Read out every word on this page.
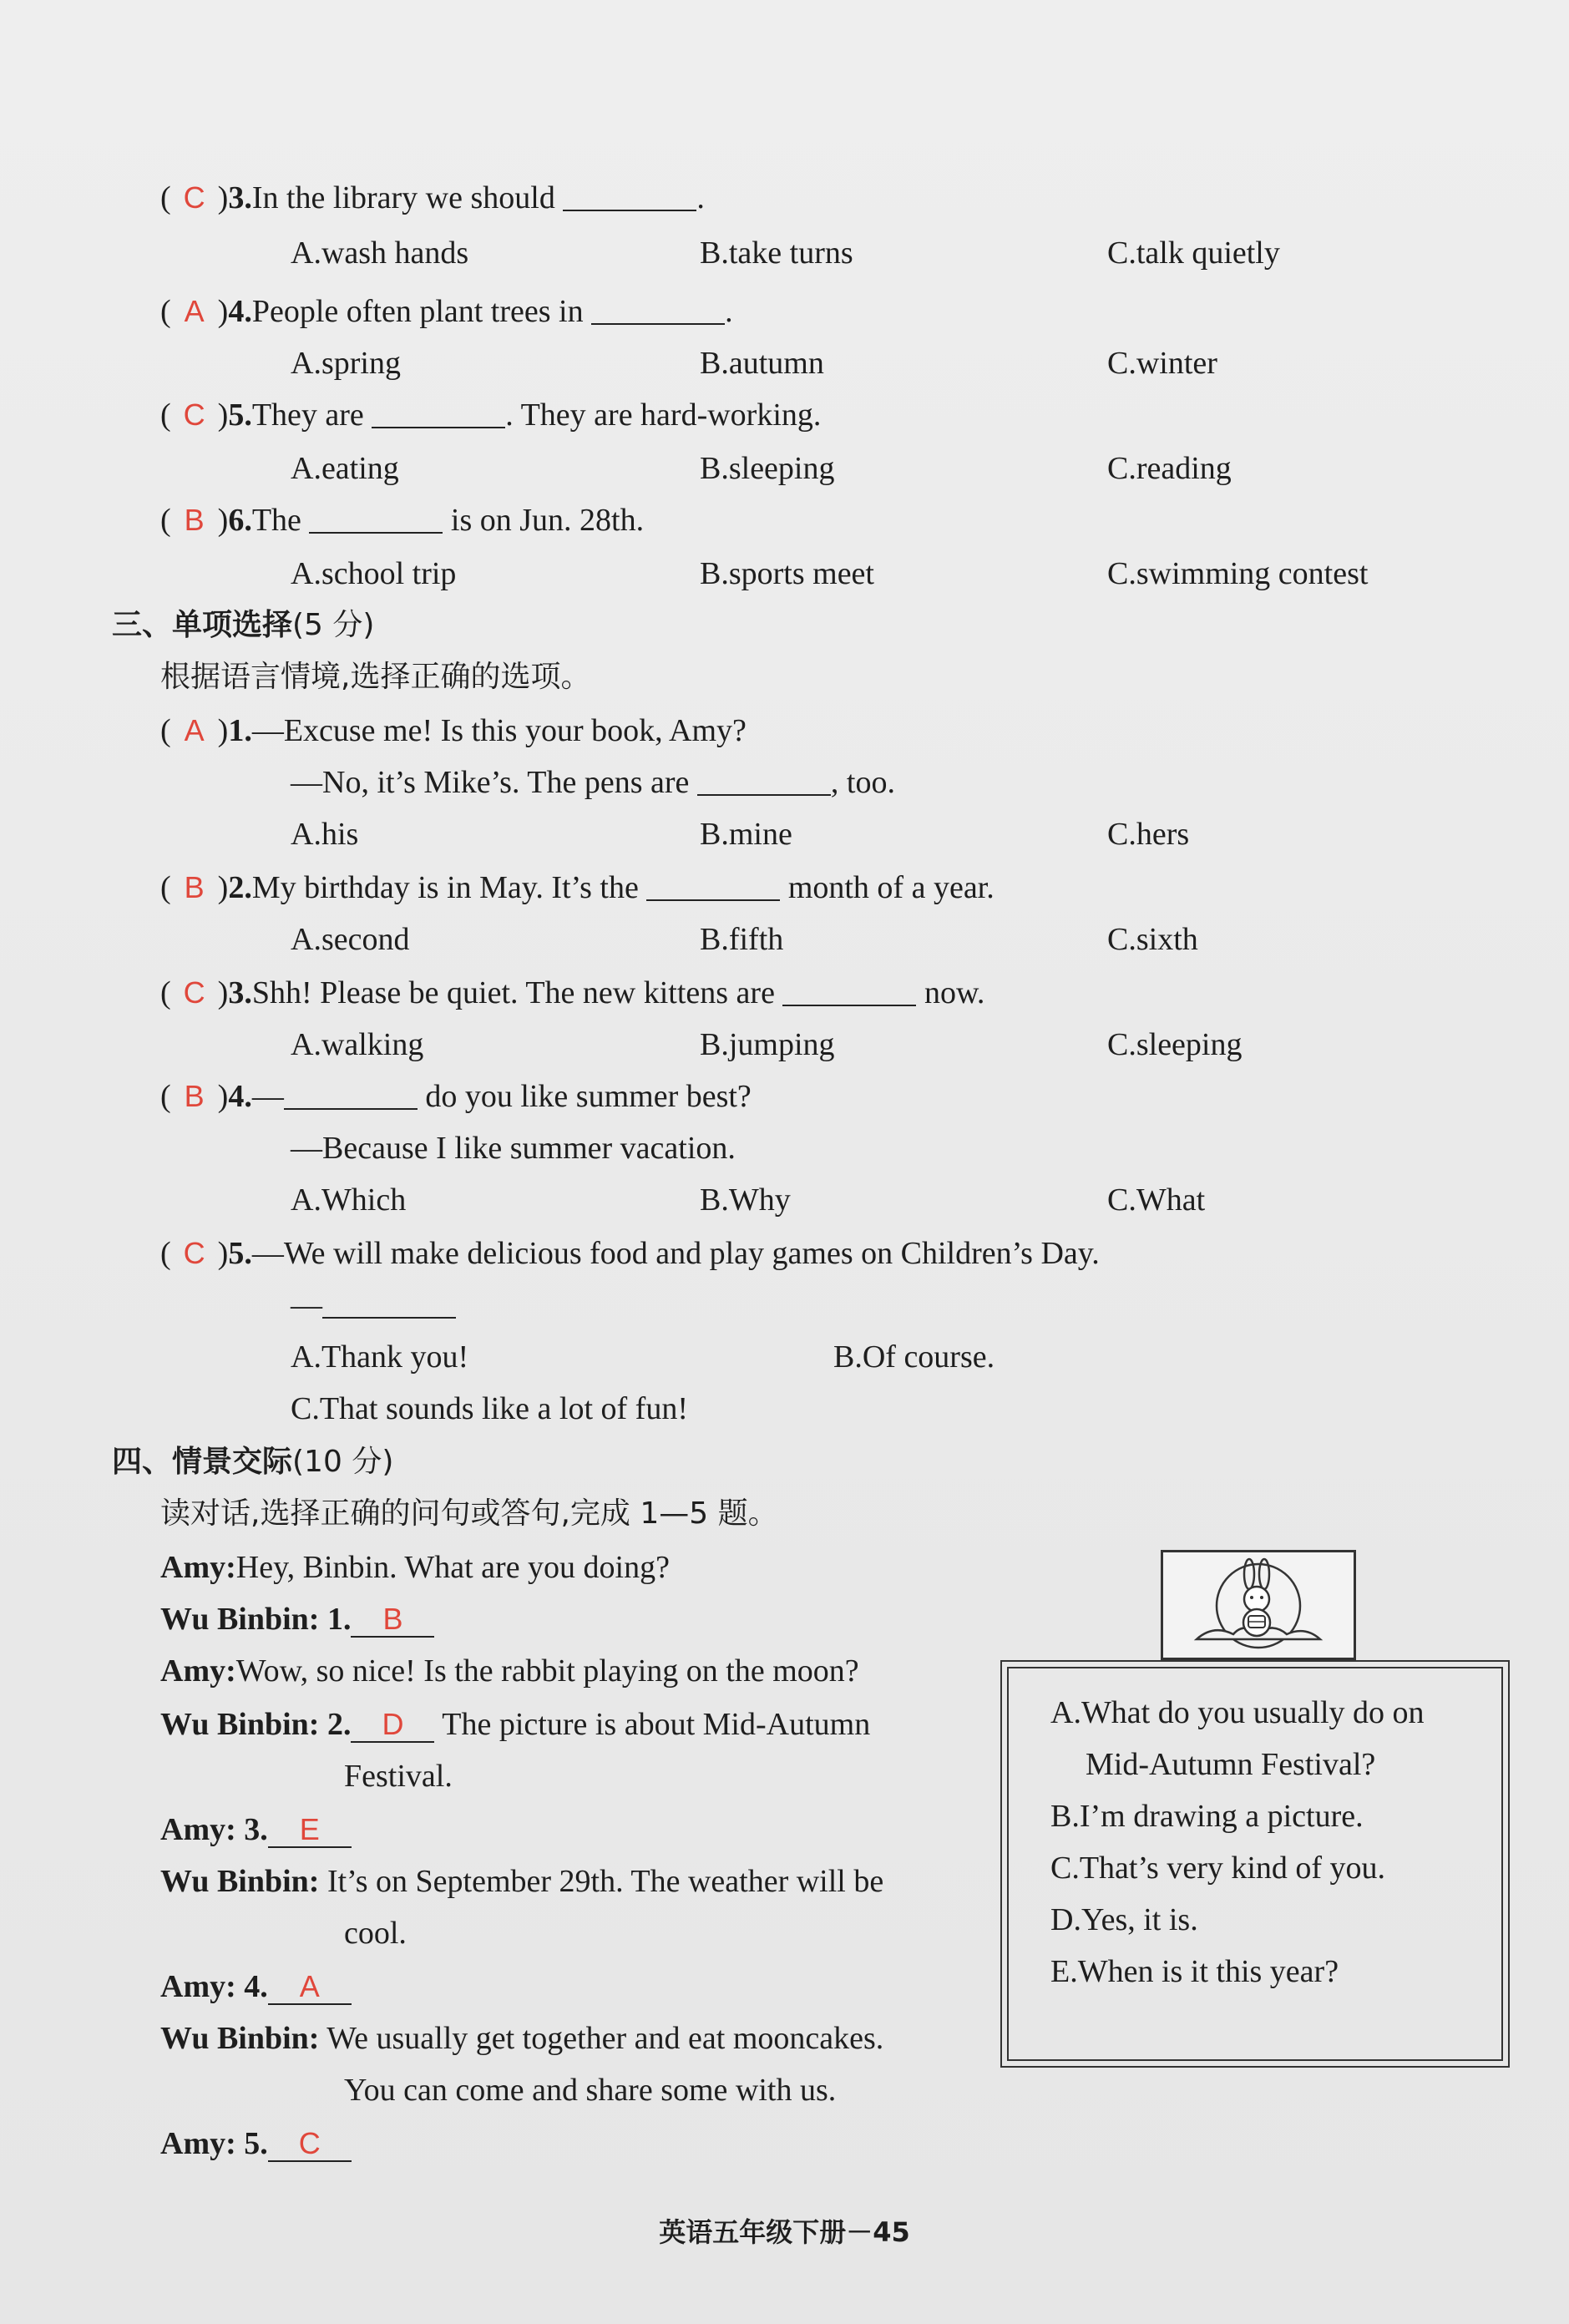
( C )3.In the library we should	.
A.wash hands	B.take turns	C.talk quietly
( A )4.People often plant trees in	.
A.spring	B.autumn	C.winter
( C )5.They are	. They are hard-working.
A.eating	B.sleeping	C.reading
( B )6.The	is on Jun. 28th.
A.school trip	B.sports meet	C.swimming contest
三、单项选择(5 分)
根据语言情境,选择正确的选项。
( A )1.—Excuse me! Is this your book, Amy?
—No, it’s Mike’s. The pens are	, too.
A.his	B.mine	C.hers
( B )2.My birthday is in May. It’s the	month of a year.
A.second	B.fifth	C.sixth
( C )3.Shh! Please be quiet. The new kittens are	now.
A.walking	B.jumping	C.sleeping
( B )4.—	do you like summer best?
—Because I like summer vacation.
A.Which	B.Why	C.What
( C )5.—We will make delicious food and play games on Children’s Day.
—
A.Thank you!	B.Of course.
C.That sounds like a lot of fun!
四、情景交际(10 分)
读对话,选择正确的问句或答句,完成 1—5 题。
Amy:Hey, Binbin. What are you doing?
Wu Binbin: 1. B
Amy:Wow, so nice! Is the rabbit playing on the moon?
Wu Binbin: 2. D The picture is about Mid-Autumn
Festival.
Amy: 3. E
Wu Binbin: It’s on September 29th. The weather will be
cool.
Amy: 4. A
Wu Binbin: We usually get together and eat mooncakes.
You can come and share some with us.
Amy: 5. C
A.What do you usually do on
Mid-Autumn Festival?
B.I’m drawing a picture.
C.That’s very kind of you.
D.Yes, it is.
E.When is it this year?
英语五年级下册－45
